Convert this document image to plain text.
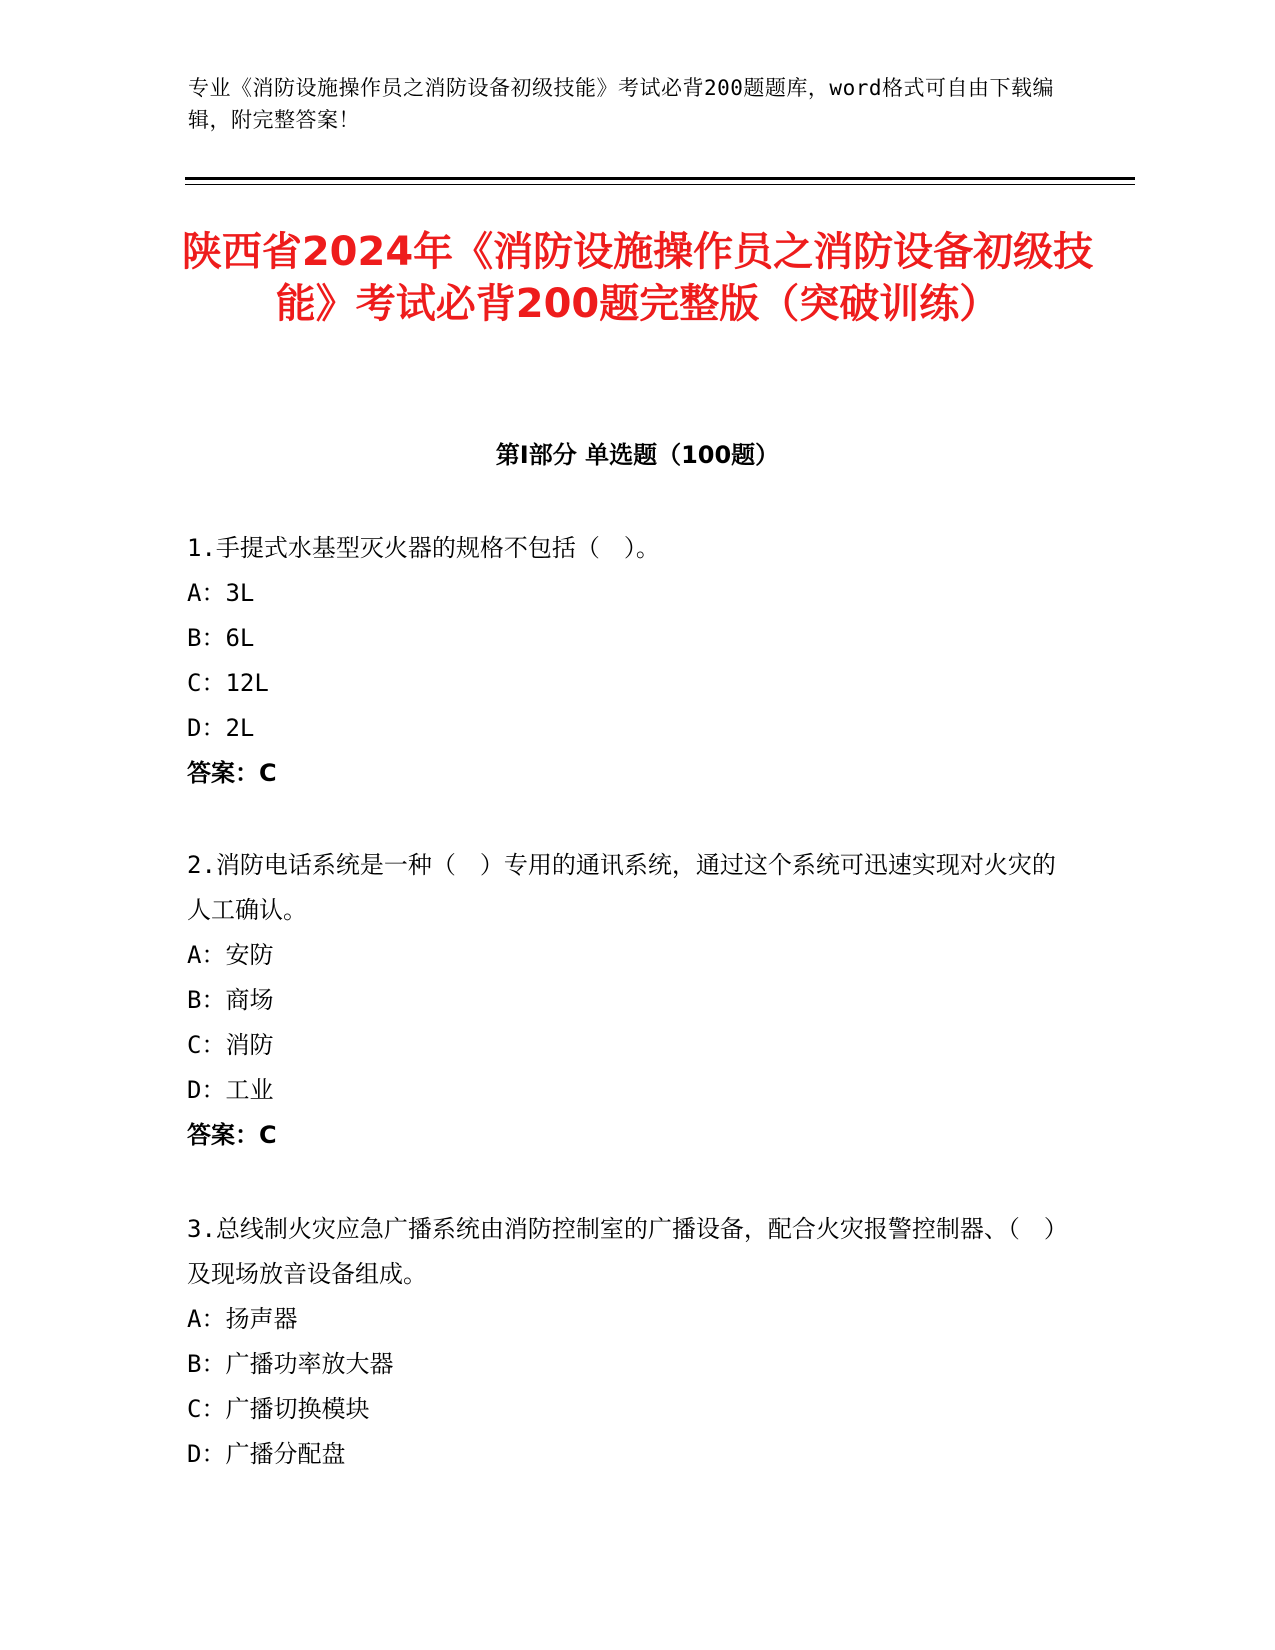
专业《消防设施操作员之消防设备初级技能》考试必背200题题库，word格式可自由下载编辑，附完整答案！
陕西省2024年《消防设施操作员之消防设备初级技能》考试必背200题完整版（突破训练）
第Ⅰ部分 单选题（100题）
1.手提式水基型灭火器的规格不包括（　）。
A：3L
B：6L
C：12L
D：2L
答案：C
2.消防电话系统是一种（　）专用的通讯系统，通过这个系统可迅速实现对火灾的人工确认。
A：安防
B：商场
C：消防
D：工业
答案：C
3.总线制火灾应急广播系统由消防控制室的广播设备，配合火灾报警控制器、（　）及现场放音设备组成。
A：扬声器
B：广播功率放大器
C：广播切换模块
D：广播分配盘
